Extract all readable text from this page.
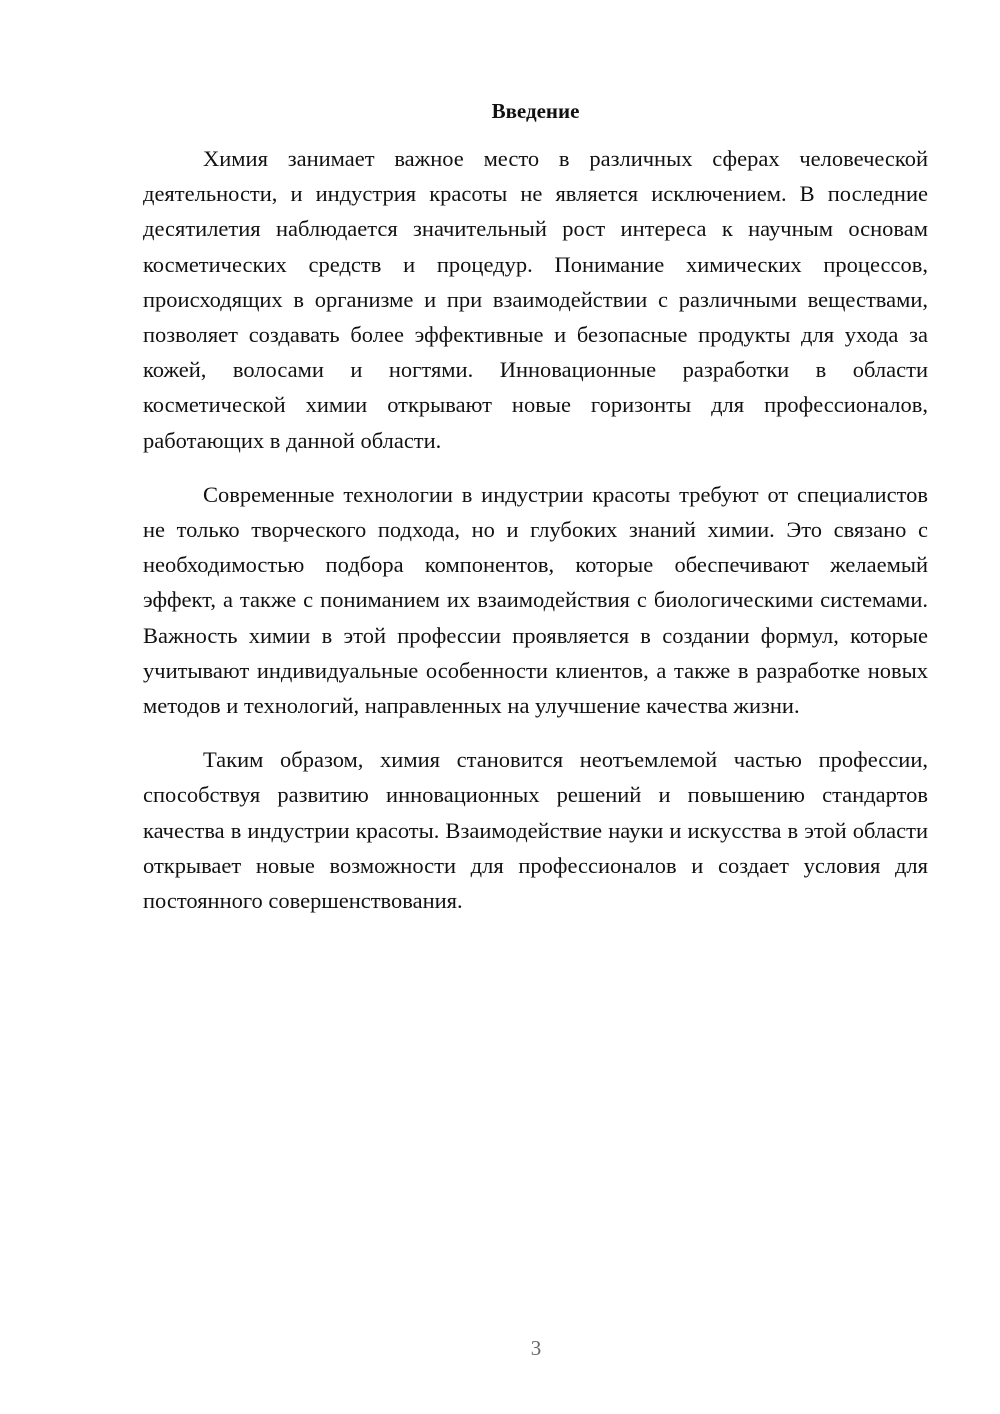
Введение

Химия занимает важное место в различных сферах человеческой деятельности, и индустрия красоты не является исключением. В последние десятилетия наблюдается значительный рост интереса к научным основам косметических средств и процедур. Понимание химических процессов, происходящих в организме и при взаимодействии с различными веществами, позволяет создавать более эффективные и безопасные продукты для ухода за кожей, волосами и ногтями. Инновационные разработки в области косметической химии открывают новые горизонты для профессионалов, работающих в данной области.

Современные технологии в индустрии красоты требуют от специалистов не только творческого подхода, но и глубоких знаний химии. Это связано с необходимостью подбора компонентов, которые обеспечивают желаемый эффект, а также с пониманием их взаимодействия с биологическими системами. Важность химии в этой профессии проявляется в создании формул, которые учитывают индивидуальные особенности клиентов, а также в разработке новых методов и технологий, направленных на улучшение качества жизни.

Таким образом, химия становится неотъемлемой частью профессии, способствуя развитию инновационных решений и повышению стандартов качества в индустрии красоты. Взаимодействие науки и искусства в этой области открывает новые возможности для профессионалов и создает условия для постоянного совершенствования.

3
